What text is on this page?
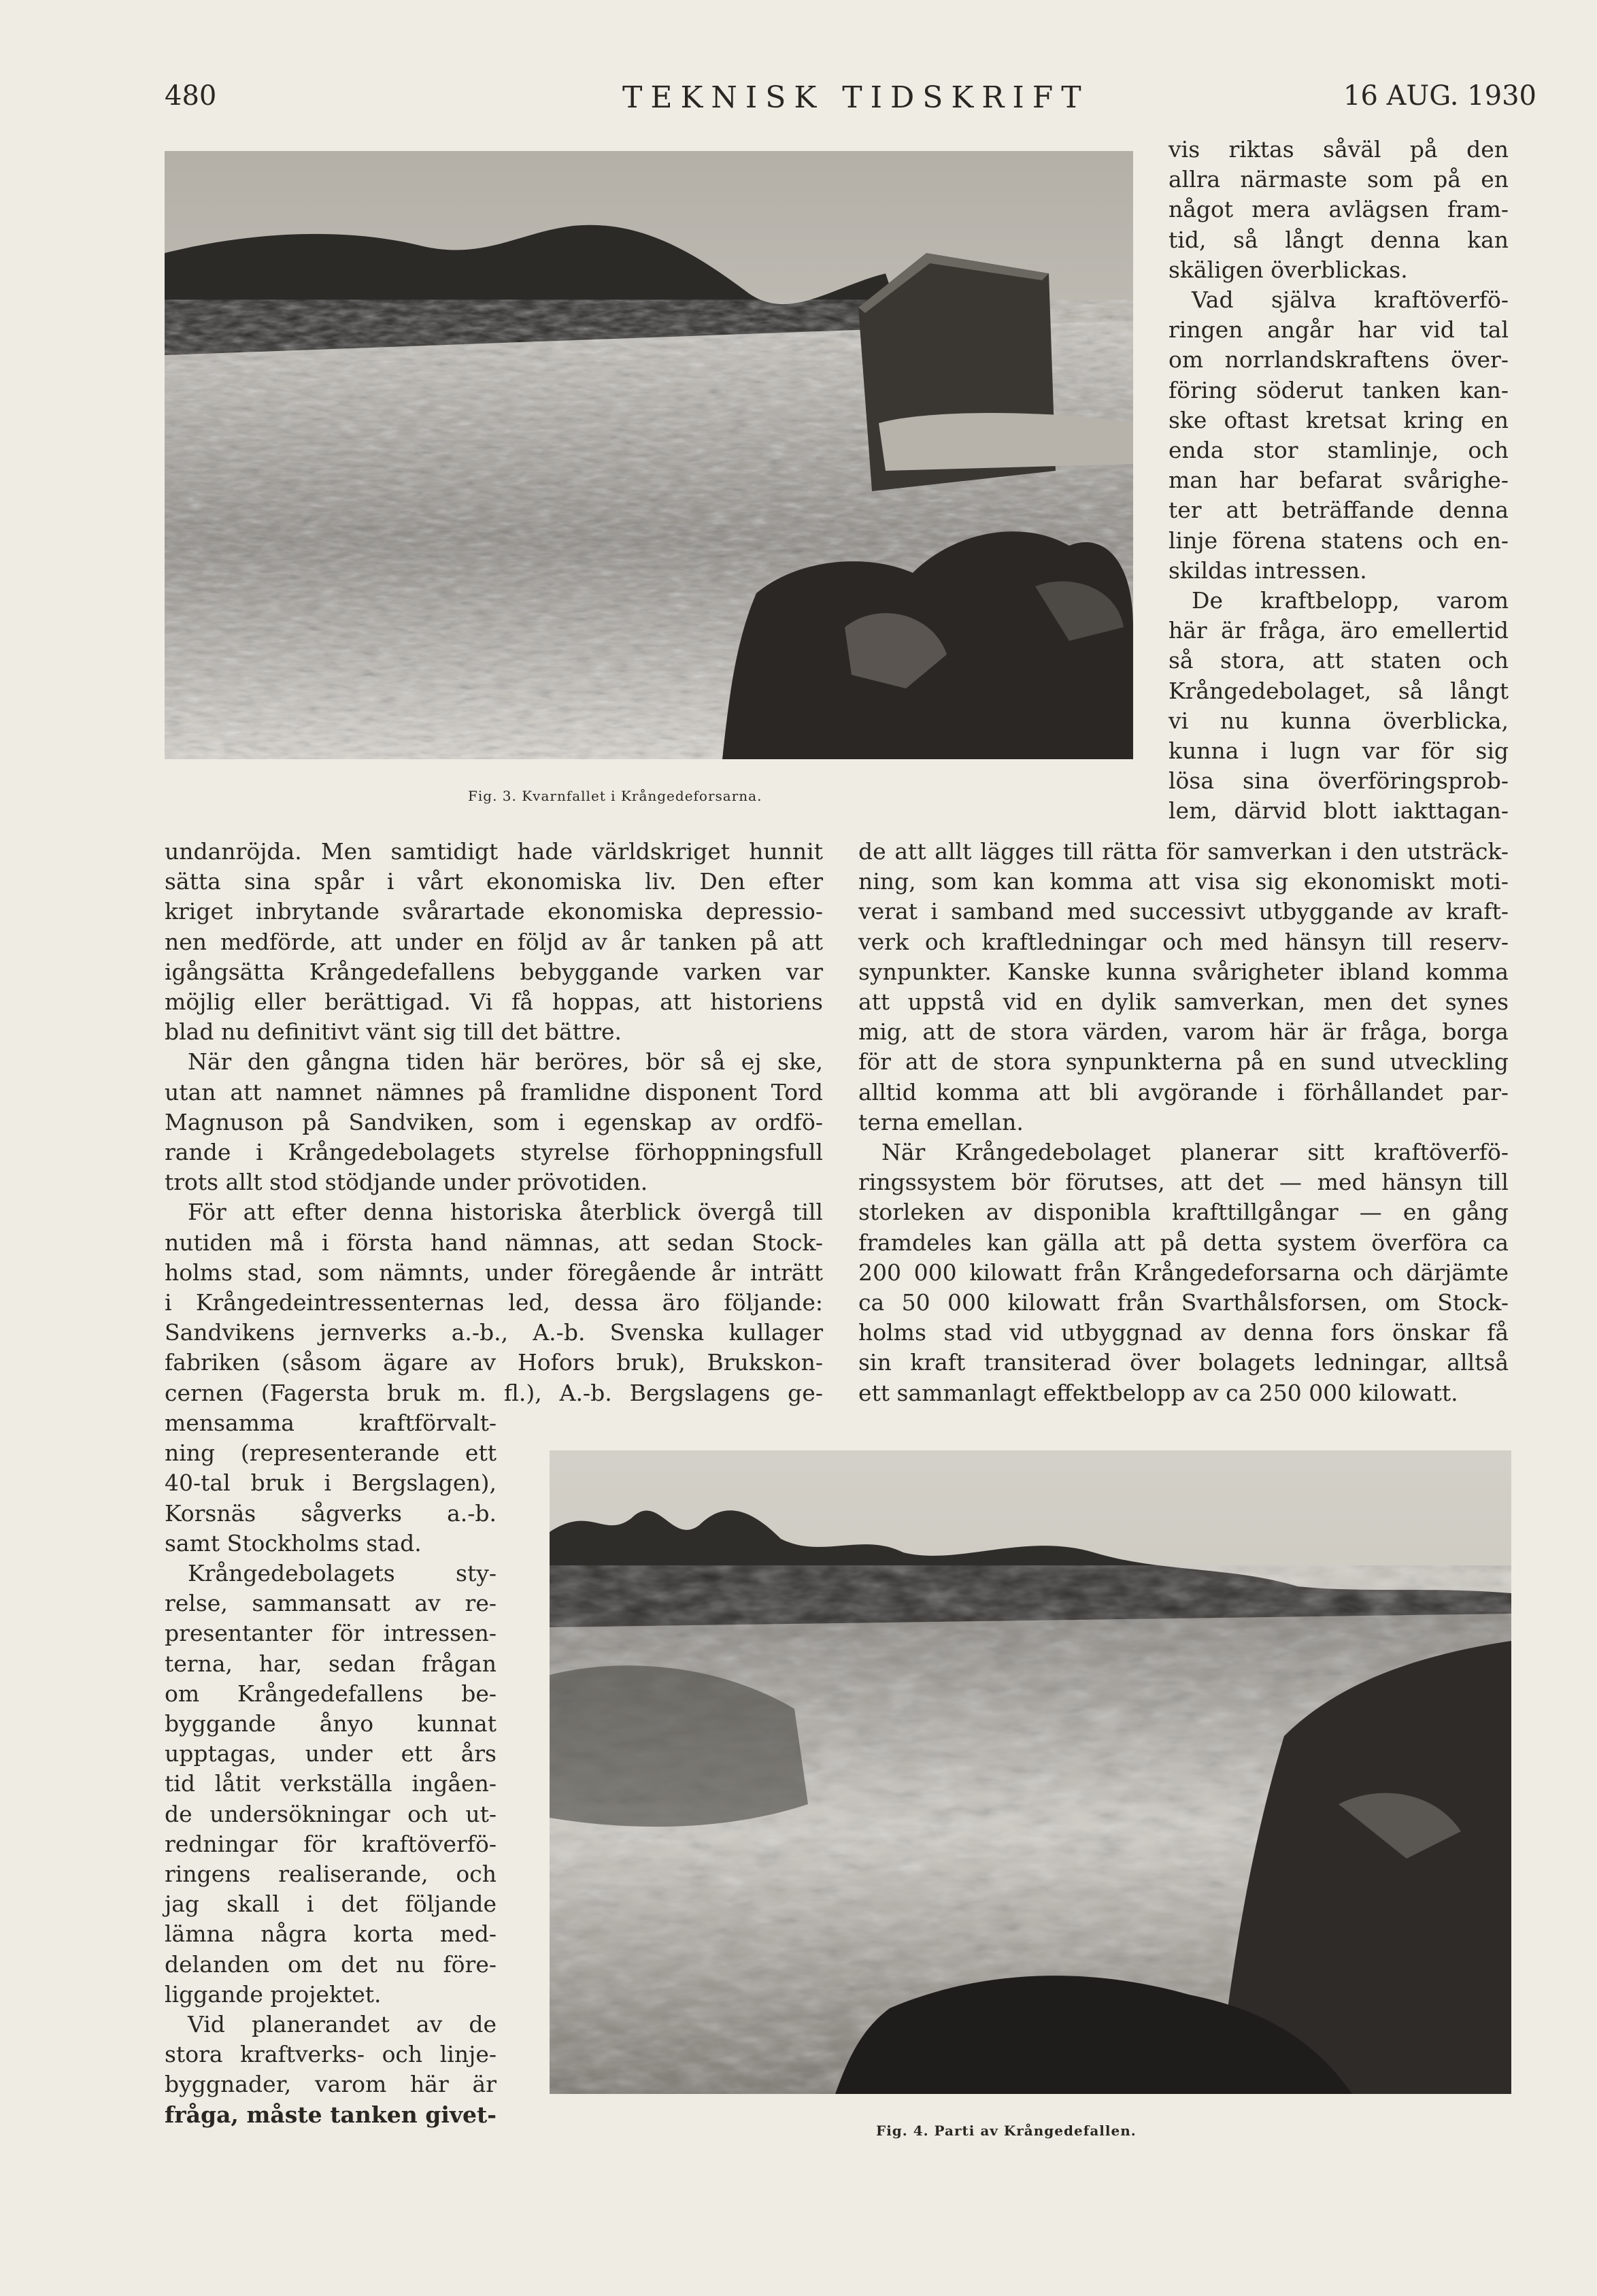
480	TEKNISK TIDSKRIFT	16 AUG. 1930
Fig. 3. Kvarnfallet i Krångedeforsarna.
vis riktas såväl på den
allra närmaste som på en
något mera avlägsen fram-
tid, så långt denna kan
skäligen överblickas.
Vad själva kraftöverfö-
ringen angår har vid tal
om norrlandskraftens över-
föring söderut tanken kan-
ske oftast kretsat kring en
enda stor stamlinje, och
man har befarat svårighe-
ter att beträffande denna
linje förena statens och en-
skildas intressen.
De kraftbelopp, varom
här är fråga, äro emellertid
så stora, att staten och
Krångedebolaget, så långt
vi nu kunna överblicka,
kunna i lugn var för sig
lösa sina överföringsprob-
lem, därvid blott iakttagan-
de att allt lägges till rätta för samverkan i den utsträck-
ning, som kan komma att visa sig ekonomiskt moti-
verat i samband med successivt utbyggande av kraft-
verk och kraftledningar och med hänsyn till reserv-
synpunkter. Kanske kunna svårigheter ibland komma
att uppstå vid en dylik samverkan, men det synes
mig, att de stora värden, varom här är fråga, borga
för att de stora synpunkterna på en sund utveckling
alltid komma att bli avgörande i förhållandet par-
terna emellan.
När Krångedebolaget planerar sitt kraftöverfö-
ringssystem bör förutses, att det — med hänsyn till
storleken av disponibla krafttillgångar — en gång
framdeles kan gälla att på detta system överföra ca
200 000 kilowatt från Krångedeforsarna och därjämte
ca 50 000 kilowatt från Svarthålsforsen, om Stock-
holms stad vid utbyggnad av denna fors önskar få
sin kraft transiterad över bolagets ledningar, alltså
ett sammanlagt effektbelopp av ca 250 000 kilowatt.
undanröjda. Men samtidigt hade världskriget hunnit
sätta sina spår i vårt ekonomiska liv. Den efter
kriget inbrytande svårartade ekonomiska depressio-
nen medförde, att under en följd av år tanken på att
igångsätta Krångedefallens bebyggande varken var
möjlig eller berättigad. Vi få hoppas, att historiens
blad nu definitivt vänt sig till det bättre.
När den gångna tiden här beröres, bör så ej ske,
utan att namnet nämnes på framlidne disponent Tord
Magnuson på Sandviken, som i egenskap av ordfö-
rande i Krångedebolagets styrelse förhoppningsfull
trots allt stod stödjande under prövotiden.
För att efter denna historiska återblick övergå till
nutiden må i första hand nämnas, att sedan Stock-
holms stad, som nämnts, under föregående år inträtt
i Krångedeintressenternas led, dessa äro följande:
Sandvikens jernverks a.-b., A.-b. Svenska kullager
fabriken (såsom ägare av Hofors bruk), Brukskon-
cernen (Fagersta bruk m. fl.), A.-b. Bergslagens ge-
mensamma kraftförvalt-
ning (representerande ett
40-tal bruk i Bergslagen),
Korsnäs sågverks a.-b.
samt Stockholms stad.
Krångedebolagets sty-
relse, sammansatt av re-
presentanter för intressen-
terna, har, sedan frågan
om Krångedefallens be-
byggande ånyo kunnat
upptagas, under ett års
tid låtit verkställa ingåen-
de undersökningar och ut-
redningar för kraftöverfö-
ringens realiserande, och
jag skall i det följande
lämna några korta med-
delanden om det nu före-
liggande projektet.
Vid planerandet av de
stora kraftverks- och linje-
byggnader, varom här är
fråga, måste tanken givet-
Fig. 4. Parti av Krångedefallen.
